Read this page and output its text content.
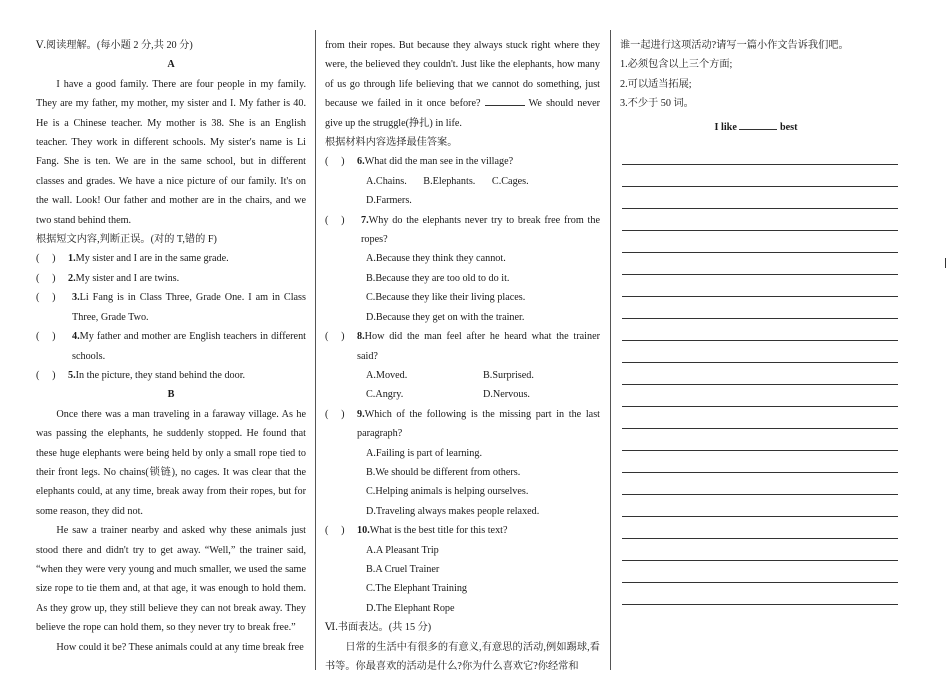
Ⅴ.阅读理解。(每小题 2 分,共 20 分)
A

I have a good family. There are four people in my family. They are my father, my mother, my sister and I. My father is 40. He is a Chinese teacher. My mother is 38. She is an English teacher. They work in different schools. My sister's name is Li Fang. She is ten. We are in the same school, but in different classes and grades. We have a nice picture of our family. It's on the wall. Look! Our father and mother are in the chairs, and we two stand behind them.

根据短文内容,判断正误。(对的 T,错的 F)
(     )	1.My sister and I are in the same grade.
(     )	2.My sister and I are twins.
(     )	3.Li Fang is in Class Three, Grade One. I am in Class Three, Grade Two.
(     )	4.My father and mother are English teachers in different schools.
(     )	5.In the picture, they stand behind the door.
B

Once there was a man traveling in a faraway village. As he was passing the elephants, he suddenly stopped. He found that these huge elephants were being held by only a small rope tied to their front legs. No chains(锁链), no cages. It was clear that the elephants could, at any time, break away from their ropes, but for some reason, they did not.

He saw a trainer nearby and asked why these animals just stood there and didn't try to get away. “Well,” the trainer said, “when they were very young and much smaller, we used the same size rope to tie them and, at that age, it was enough to hold them. As they grow up, they still believe they can not break away. They believe the rope can hold them, so they never try to break free.”

How could it be? These animals could at any time break free

from their ropes. But because they always stuck right where they were, the believed they couldn't. Just like the elephants, how many of us go through life believing that we cannot do something, just because we failed in it once before?	We should never give up the struggle(挣扎) in life.

根据材料内容选择最佳答案。
(     )	6.What did the man see in the village?
A.Chains. B.Elephants. C.Cages. D.Farmers.
(     )	7.Why do the elephants never try to break free from the ropes?
A.Because they think they cannot.
B.Because they are too old to do it.
C.Because they like their living places.
D.Because they get on with the trainer.
(     )	8.How did the man feel after he heard what the trainer said?
A.Moved.	B.Surprised.
C.Angry.	D.Nervous.
(     )	9.Which of the following is the missing part in the last paragraph?
A.Failing is part of learning.
B.We should be different from others.
C.Helping animals is helping ourselves.
D.Traveling always makes people relaxed.
(     )	10.What is the best title for this text?
A.A Pleasant Trip
B.A Cruel Trainer
C.The Elephant Training
D.The Elephant Rope
Ⅵ.书面表达。(共 15 分)

日常的生活中有很多的有意义,有意思的活动,例如踢球,看书等。你最喜欢的活动是什么?你为什么喜欢它?你经常和

谁一起进行这项活动?请写一篇小作文告诉我们吧。
1.必须包含以上三个方面;
2.可以适当拓展;
3.不少于 50 词。
I like	best
